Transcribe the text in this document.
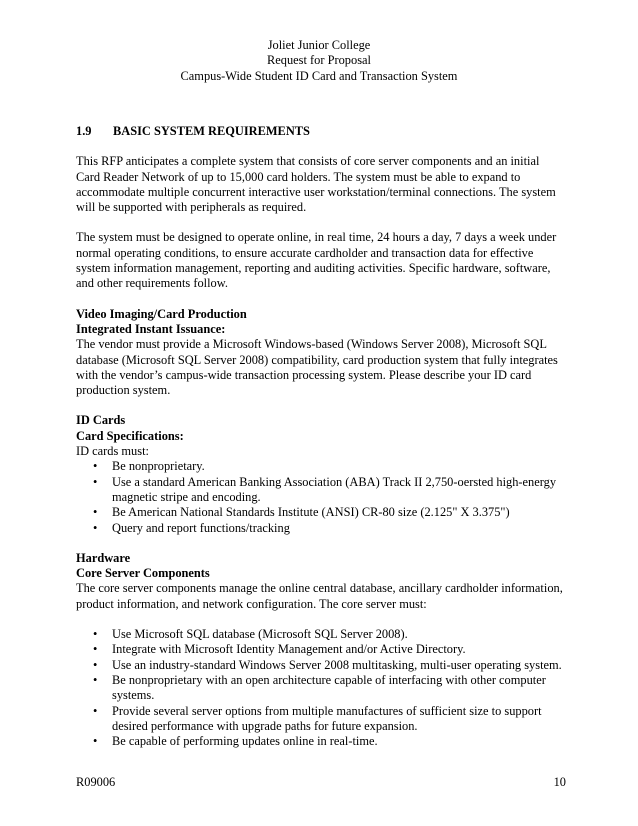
Joliet Junior College
Request for Proposal
Campus-Wide Student ID Card and Transaction System
1.9 BASIC SYSTEM REQUIREMENTS

This RFP anticipates a complete system that consists of core server components and an initial Card Reader Network of up to 15,000 card holders. The system must be able to expand to accommodate multiple concurrent interactive user workstation/terminal connections. The system will be supported with peripherals as required.

The system must be designed to operate online, in real time, 24 hours a day, 7 days a week under normal operating conditions, to ensure accurate cardholder and transaction data for effective system information management, reporting and auditing activities. Specific hardware, software, and other requirements follow.

Video Imaging/Card Production

Integrated Instant Issuance:

The vendor must provide a Microsoft Windows-based (Windows Server 2008), Microsoft SQL database (Microsoft SQL Server 2008) compatibility, card production system that fully integrates with the vendor’s campus-wide transaction processing system. Please describe your ID card production system.

ID Cards

Card Specifications:

ID cards must:

• Be nonproprietary.
• Use a standard American Banking Association (ABA) Track II 2,750-oersted high-energy magnetic stripe and encoding.
• Be American National Standards Institute (ANSI) CR-80 size (2.125" X 3.375")
• Query and report functions/tracking

Hardware

Core Server Components

The core server components manage the online central database, ancillary cardholder information, product information, and network configuration. The core server must:

• Use Microsoft SQL database (Microsoft SQL Server 2008).
• Integrate with Microsoft Identity Management and/or Active Directory.
• Use an industry-standard Windows Server 2008 multitasking, multi-user operating system.
• Be nonproprietary with an open architecture capable of interfacing with other computer systems.
• Provide several server options from multiple manufactures of sufficient size to support desired performance with upgrade paths for future expansion.
• Be capable of performing updates online in real-time.
R09006	10
